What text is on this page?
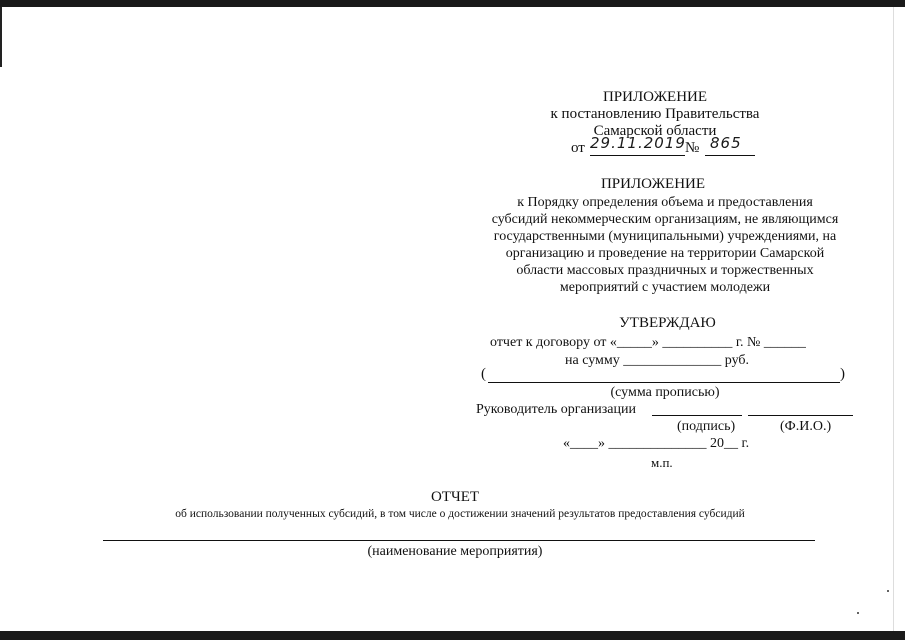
ПРИЛОЖЕНИЕ
к постановлению Правительства
Самарской области
от 29.11.2019 № 865
ПРИЛОЖЕНИЕ
к Порядку определения объема и предоставления
субсидий некоммерческим организациям, не являющимся
государственными (муниципальными) учреждениями, на
организацию и проведение на территории Самарской
области массовых праздничных и торжественных
мероприятий с участием молодежи
УТВЕРЖДАЮ
отчет к договору от «_____» __________ г. № ______
на сумму ______________ руб.
(	)
(сумма прописью)
Руководитель организации
(подпись)	(Ф.И.О.)
«____» ______________ 20__ г.
м.п.
ОТЧЕТ
об использовании полученных субсидий, в том числе о достижении значений результатов предоставления субсидий
(наименование мероприятия)
